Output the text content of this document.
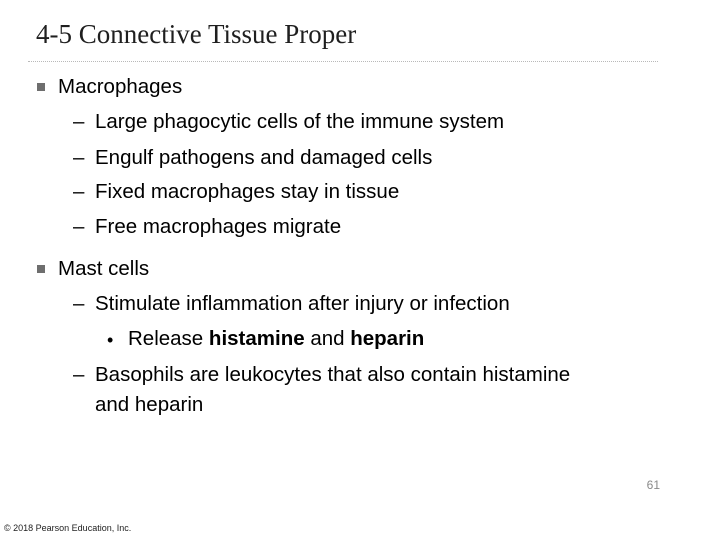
4-5 Connective Tissue Proper
Macrophages
– Large phagocytic cells of the immune system
– Engulf pathogens and damaged cells
– Fixed macrophages stay in tissue
– Free macrophages migrate
Mast cells
– Stimulate inflammation after injury or infection
• Release histamine and heparin
– Basophils are leukocytes that also contain histamine
and heparin
61
© 2018 Pearson Education, Inc.
